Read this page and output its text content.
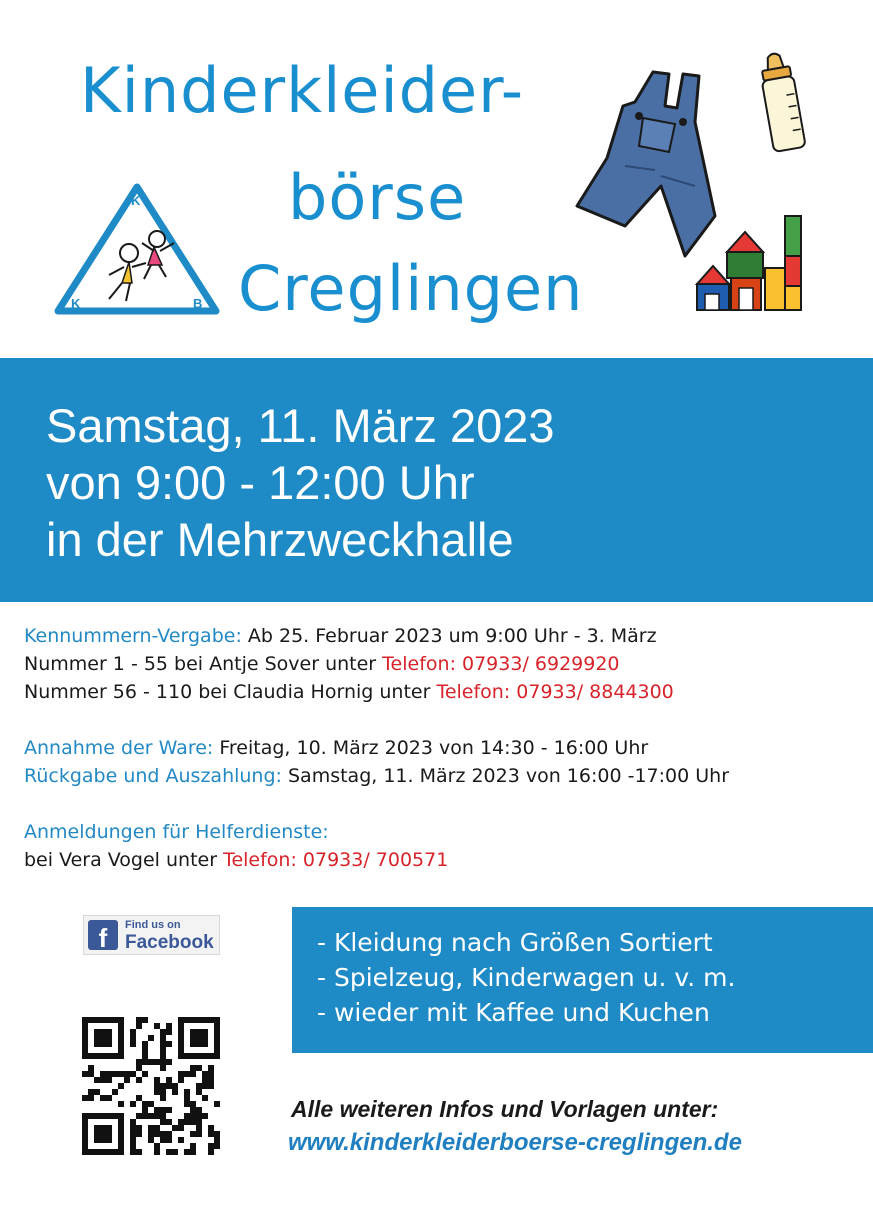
Kinderkleider-
börse
Creglingen
K
K	B
Samstag, 11. März 2023
von 9:00 - 12:00 Uhr
in der Mehrzweckhalle
Kennummern-Vergabe: Ab 25. Februar 2023 um 9:00 Uhr - 3. März
Nummer 1 - 55 bei Antje Sover unter Telefon: 07933/ 6929920
Nummer 56 - 110 bei Claudia Hornig unter Telefon: 07933/ 8844300
Annahme der Ware: Freitag, 10. März 2023 von 14:30 - 16:00 Uhr
Rückgabe und Auszahlung: Samstag, 11. März 2023 von 16:00 -17:00 Uhr
Anmeldungen für Helferdienste:
bei Vera Vogel unter Telefon: 07933/ 700571
f	Find us on
Facebook	- Kleidung nach Größen Sortiert
- Spielzeug, Kinderwagen u. v. m.
- wieder mit Kaffee und Kuchen
Alle weiteren Infos und Vorlagen unter:
www.kinderkleiderboerse-creglingen.de
